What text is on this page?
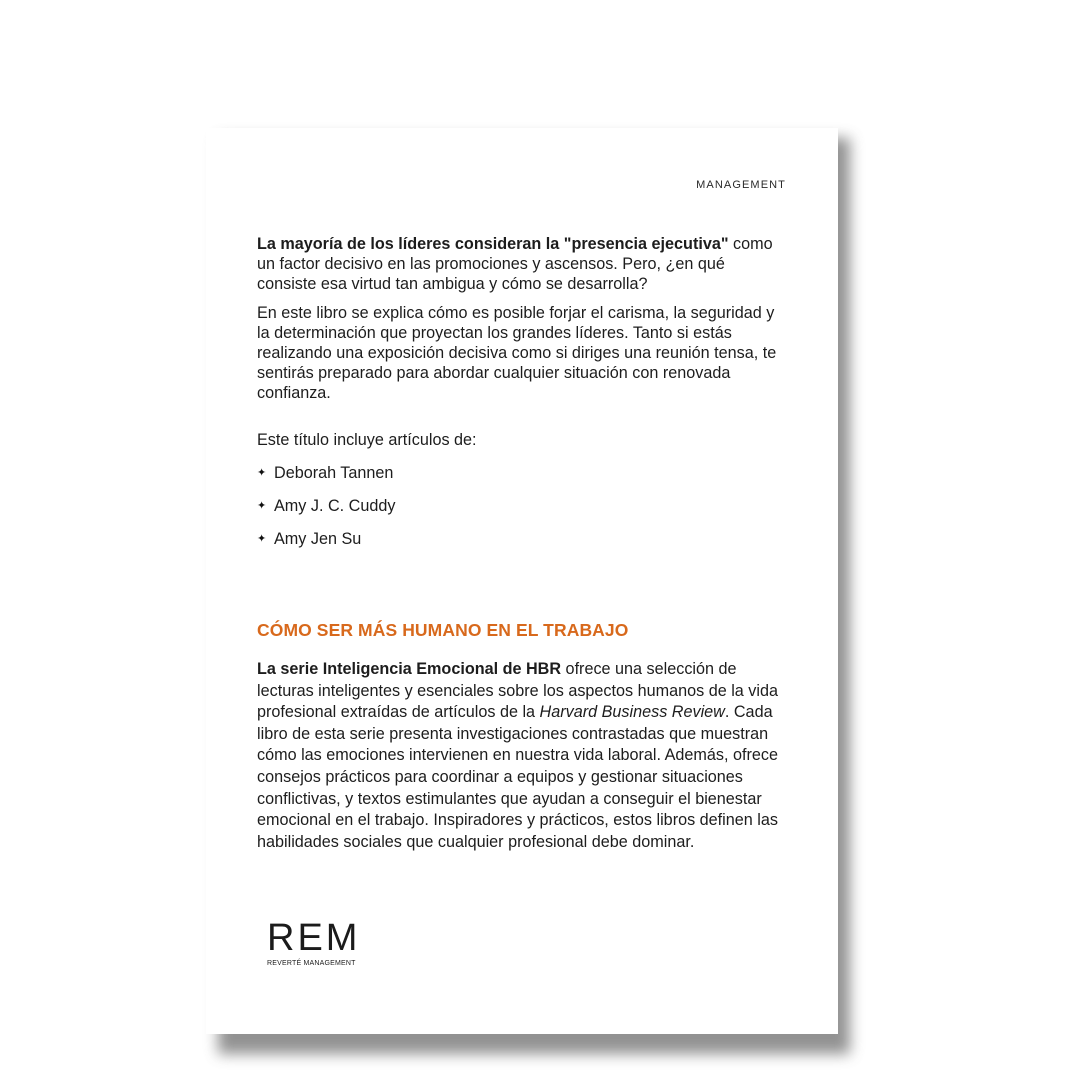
MANAGEMENT

La mayoría de los líderes consideran la "presencia ejecutiva" como un factor decisivo en las promociones y ascensos. Pero, ¿en qué consiste esa virtud tan ambigua y cómo se desarrolla?

En este libro se explica cómo es posible forjar el carisma, la seguridad y la determinación que proyectan los grandes líderes. Tanto si estás realizando una exposición decisiva como si diriges una reunión tensa, te sentirás preparado para abordar cualquier situación con renovada confianza.

Este título incluye artículos de:

✦ Deborah Tannen
✦ Amy J. C. Cuddy
✦ Amy Jen Su
CÓMO SER MÁS HUMANO EN EL TRABAJO

La serie Inteligencia Emocional de HBR ofrece una selección de lecturas inteligentes y esenciales sobre los aspectos humanos de la vida profesional extraídas de artículos de la Harvard Business Review. Cada libro de esta serie presenta investigaciones contrastadas que muestran cómo las emociones intervienen en nuestra vida laboral. Además, ofrece consejos prácticos para coordinar a equipos y gestionar situaciones conflictivas, y textos estimulantes que ayudan a conseguir el bienestar emocional en el trabajo. Inspiradores y prácticos, estos libros definen las habilidades sociales que cualquier profesional debe dominar.

REM
REVERTÉ MANAGEMENT
